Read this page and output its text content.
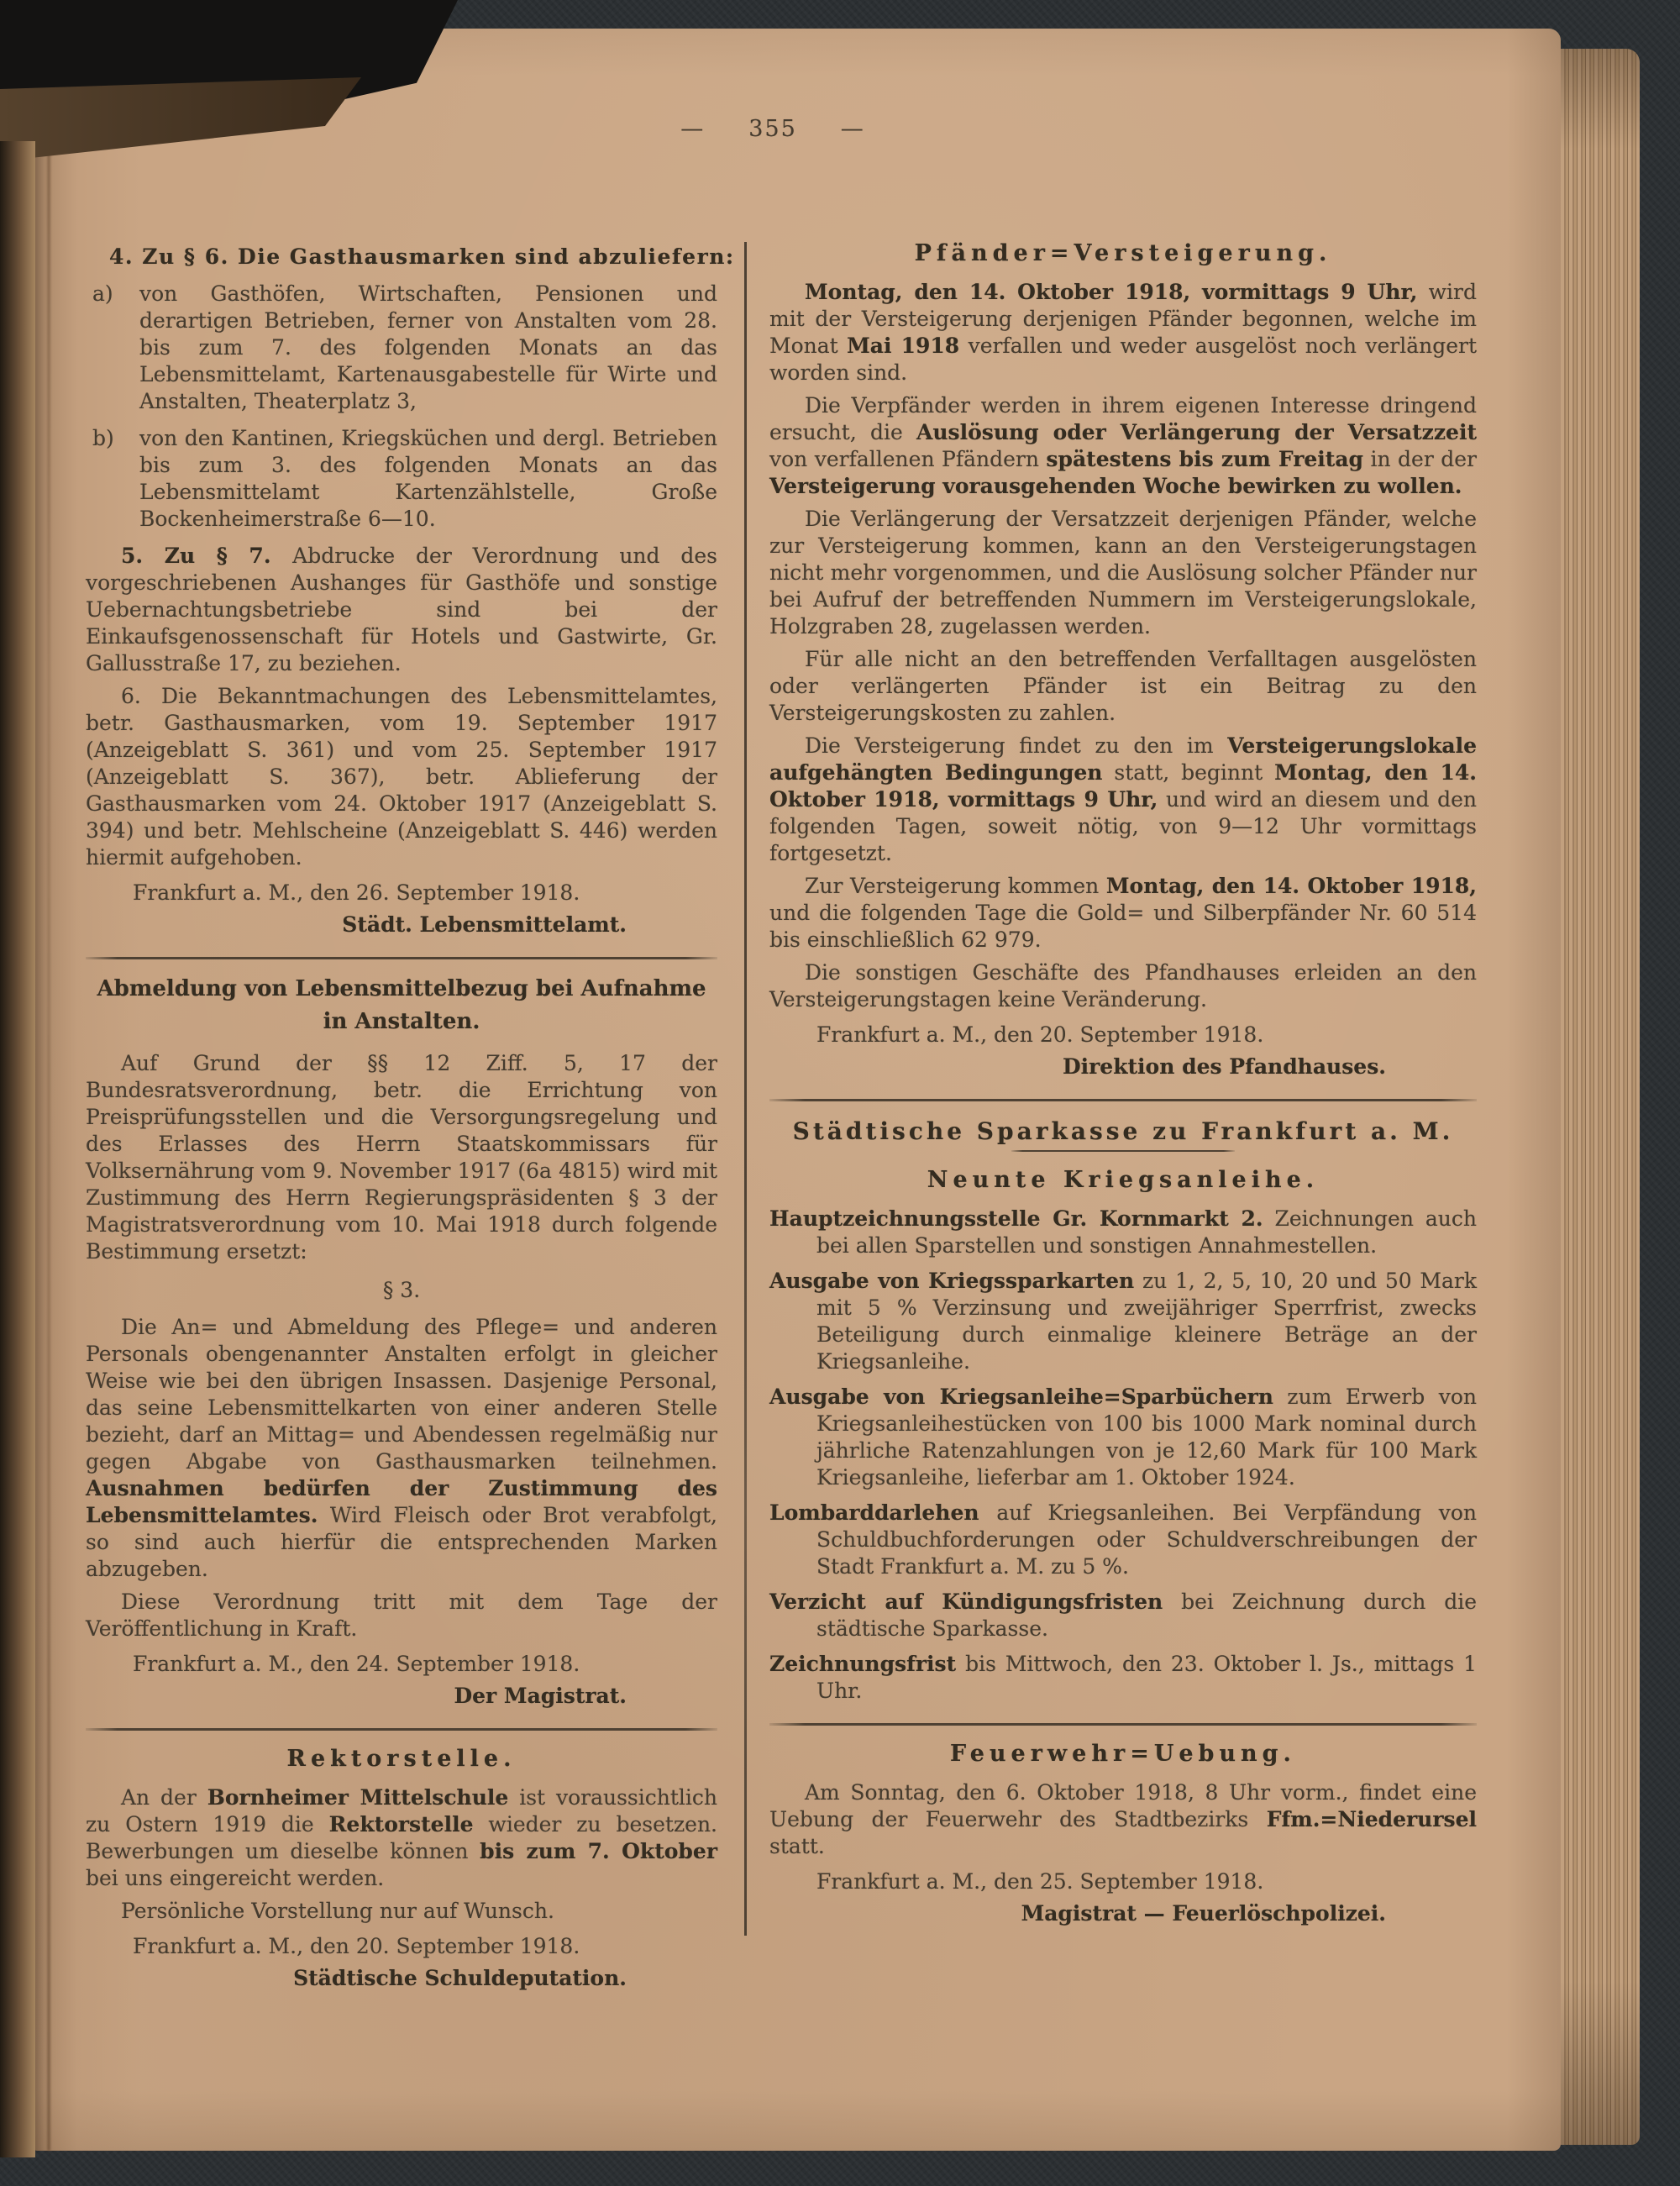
— 355 —
4. Zu § 6. Die Gasthausmarken sind abzuliefern:
a) von Gasthöfen, Wirtschaften, Pensionen und derartigen Betrieben, ferner von Anstalten vom 28. bis zum 7. des folgenden Monats an das Lebensmittelamt, Kartenausgabestelle für Wirte und Anstalten, Theaterplatz 3,
b) von den Kantinen, Kriegsküchen und dergl. Betrieben bis zum 3. des folgenden Monats an das Lebensmittelamt Kartenzählstelle, Große Bockenheimerstraße 6—10.
5. Zu § 7. Abdrucke der Verordnung und des vorgeschriebenen Aushanges für Gasthöfe und sonstige Uebernachtungsbetriebe sind bei der Einkaufsgenossenschaft für Hotels und Gastwirte, Gr. Gallusstraße 17, zu beziehen.
6. Die Bekanntmachungen des Lebensmittelamtes, betr. Gasthausmarken, vom 19. September 1917 (Anzeigeblatt S. 361) und vom 25. September 1917 (Anzeigeblatt S. 367), betr. Ablieferung der Gasthausmarken vom 24. Oktober 1917 (Anzeigeblatt S. 394) und betr. Mehlscheine (Anzeigeblatt S. 446) werden hiermit aufgehoben.
Frankfurt a. M., den 26. September 1918.
Städt. Lebensmittelamt.
Abmeldung von Lebensmittelbezug bei Aufnahme
in Anstalten.
Auf Grund der §§ 12 Ziff. 5, 17 der Bundesratsverordnung, betr. die Errichtung von Preisprüfungsstellen und die Versorgungsregelung und des Erlasses des Herrn Staatskommissars für Volksernährung vom 9. November 1917 (6a 4815) wird mit Zustimmung des Herrn Regierungspräsidenten § 3 der Magistratsverordnung vom 10. Mai 1918 durch folgende Bestimmung ersetzt:
§ 3.
Die An= und Abmeldung des Pflege= und anderen Personals obengenannter Anstalten erfolgt in gleicher Weise wie bei den übrigen Insassen. Dasjenige Personal, das seine Lebensmittelkarten von einer anderen Stelle bezieht, darf an Mittag= und Abendessen regelmäßig nur gegen Abgabe von Gasthausmarken teilnehmen. Ausnahmen bedürfen der Zustimmung des Lebensmittelamtes. Wird Fleisch oder Brot verabfolgt, so sind auch hierfür die entsprechenden Marken abzugeben.
Diese Verordnung tritt mit dem Tage der Veröffentlichung in Kraft.
Frankfurt a. M., den 24. September 1918.
Der Magistrat.
Rektorstelle.
An der Bornheimer Mittelschule ist voraussichtlich zu Ostern 1919 die Rektorstelle wieder zu besetzen. Bewerbungen um dieselbe können bis zum 7. Oktober bei uns eingereicht werden.
Persönliche Vorstellung nur auf Wunsch.
Frankfurt a. M., den 20. September 1918.
Städtische Schuldeputation.
Pfänder=Versteigerung.
Montag, den 14. Oktober 1918, vormittags 9 Uhr, wird mit der Versteigerung derjenigen Pfänder begonnen, welche im Monat Mai 1918 verfallen und weder ausgelöst noch verlängert worden sind.
Die Verpfänder werden in ihrem eigenen Interesse dringend ersucht, die Auslösung oder Verlängerung der Versatzzeit von verfallenen Pfändern spätestens bis zum Freitag in der der Versteigerung vorausgehenden Woche bewirken zu wollen.
Die Verlängerung der Versatzzeit derjenigen Pfänder, welche zur Versteigerung kommen, kann an den Versteigerungstagen nicht mehr vorgenommen, und die Auslösung solcher Pfänder nur bei Aufruf der betreffenden Nummern im Versteigerungslokale, Holzgraben 28, zugelassen werden.
Für alle nicht an den betreffenden Verfalltagen ausgelösten oder verlängerten Pfänder ist ein Beitrag zu den Versteigerungskosten zu zahlen.
Die Versteigerung findet zu den im Versteigerungslokale aufgehängten Bedingungen statt, beginnt Montag, den 14. Oktober 1918, vormittags 9 Uhr, und wird an diesem und den folgenden Tagen, soweit nötig, von 9—12 Uhr vormittags fortgesetzt.
Zur Versteigerung kommen Montag, den 14. Oktober 1918, und die folgenden Tage die Gold= und Silberpfänder Nr. 60 514 bis einschließlich 62 979.
Die sonstigen Geschäfte des Pfandhauses erleiden an den Versteigerungstagen keine Veränderung.
Frankfurt a. M., den 20. September 1918.
Direktion des Pfandhauses.
Städtische Sparkasse zu Frankfurt a. M.
Neunte Kriegsanleihe.
Hauptzeichnungsstelle Gr. Kornmarkt 2. Zeichnungen auch bei allen Sparstellen und sonstigen Annahmestellen.
Ausgabe von Kriegssparkarten zu 1, 2, 5, 10, 20 und 50 Mark mit 5 % Verzinsung und zweijähriger Sperrfrist, zwecks Beteiligung durch einmalige kleinere Beträge an der Kriegsanleihe.
Ausgabe von Kriegsanleihe=Sparbüchern zum Erwerb von Kriegsanleihestücken von 100 bis 1000 Mark nominal durch jährliche Ratenzahlungen von je 12,60 Mark für 100 Mark Kriegsanleihe, lieferbar am 1. Oktober 1924.
Lombarddarlehen auf Kriegsanleihen. Bei Verpfändung von Schuldbuchforderungen oder Schuldverschreibungen der Stadt Frankfurt a. M. zu 5 %.
Verzicht auf Kündigungsfristen bei Zeichnung durch die städtische Sparkasse.
Zeichnungsfrist bis Mittwoch, den 23. Oktober l. Js., mittags 1 Uhr.
Feuerwehr=Uebung.
Am Sonntag, den 6. Oktober 1918, 8 Uhr vorm., findet eine Uebung der Feuerwehr des Stadtbezirks Ffm.=Niederursel statt.
Frankfurt a. M., den 25. September 1918.
Magistrat — Feuerlöschpolizei.
